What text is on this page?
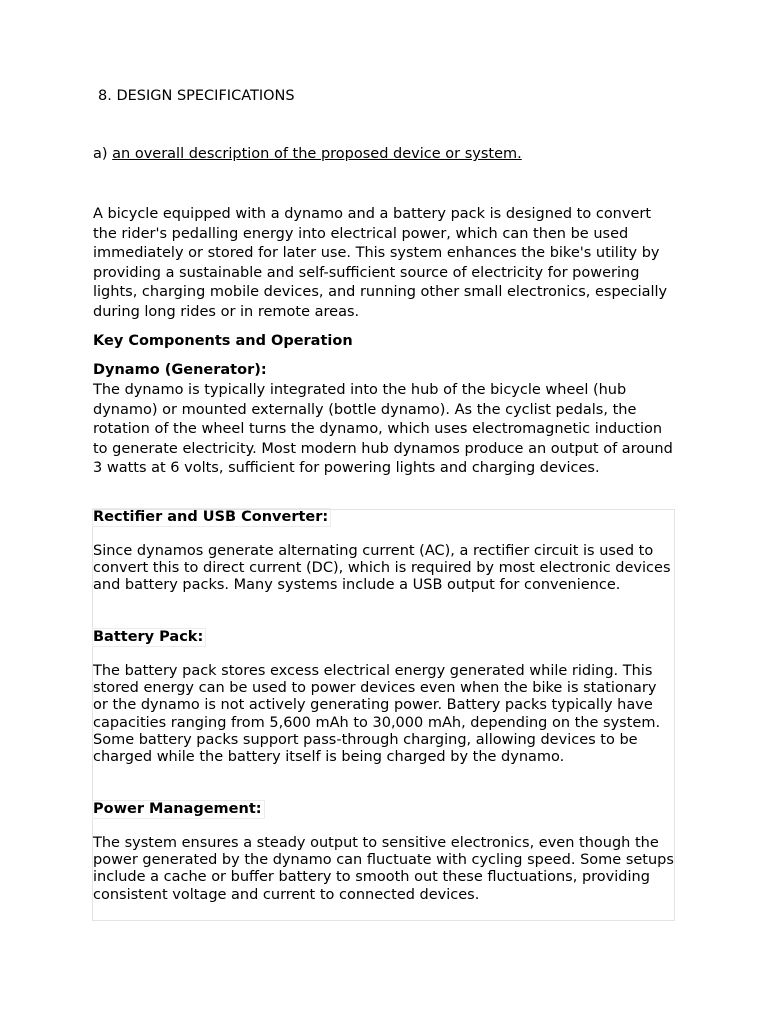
8. DESIGN SPECIFICATIONS
a) an overall description of the proposed device or system.

A bicycle equipped with a dynamo and a battery pack is designed to convert the rider's pedalling energy into electrical power, which can then be used immediately or stored for later use. This system enhances the bike's utility by providing a sustainable and self-sufficient source of electricity for powering lights, charging mobile devices, and running other small electronics, especially during long rides or in remote areas.

Key Components and Operation
Dynamo (Generator):

The dynamo is typically integrated into the hub of the bicycle wheel (hub dynamo) or mounted externally (bottle dynamo). As the cyclist pedals, the rotation of the wheel turns the dynamo, which uses electromagnetic induction to generate electricity. Most modern hub dynamos produce an output of around 3 watts at 6 volts, sufficient for powering lights and charging devices.

Rectifier and USB Converter:

Since dynamos generate alternating current (AC), a rectifier circuit is used to convert this to direct current (DC), which is required by most electronic devices and battery packs. Many systems include a USB output for convenience.

Battery Pack:

The battery pack stores excess electrical energy generated while riding. This stored energy can be used to power devices even when the bike is stationary or the dynamo is not actively generating power. Battery packs typically have capacities ranging from 5,600 mAh to 30,000 mAh, depending on the system. Some battery packs support pass-through charging, allowing devices to be charged while the battery itself is being charged by the dynamo.

Power Management:

The system ensures a steady output to sensitive electronics, even though the power generated by the dynamo can fluctuate with cycling speed. Some setups include a cache or buffer battery to smooth out these fluctuations, providing consistent voltage and current to connected devices.
